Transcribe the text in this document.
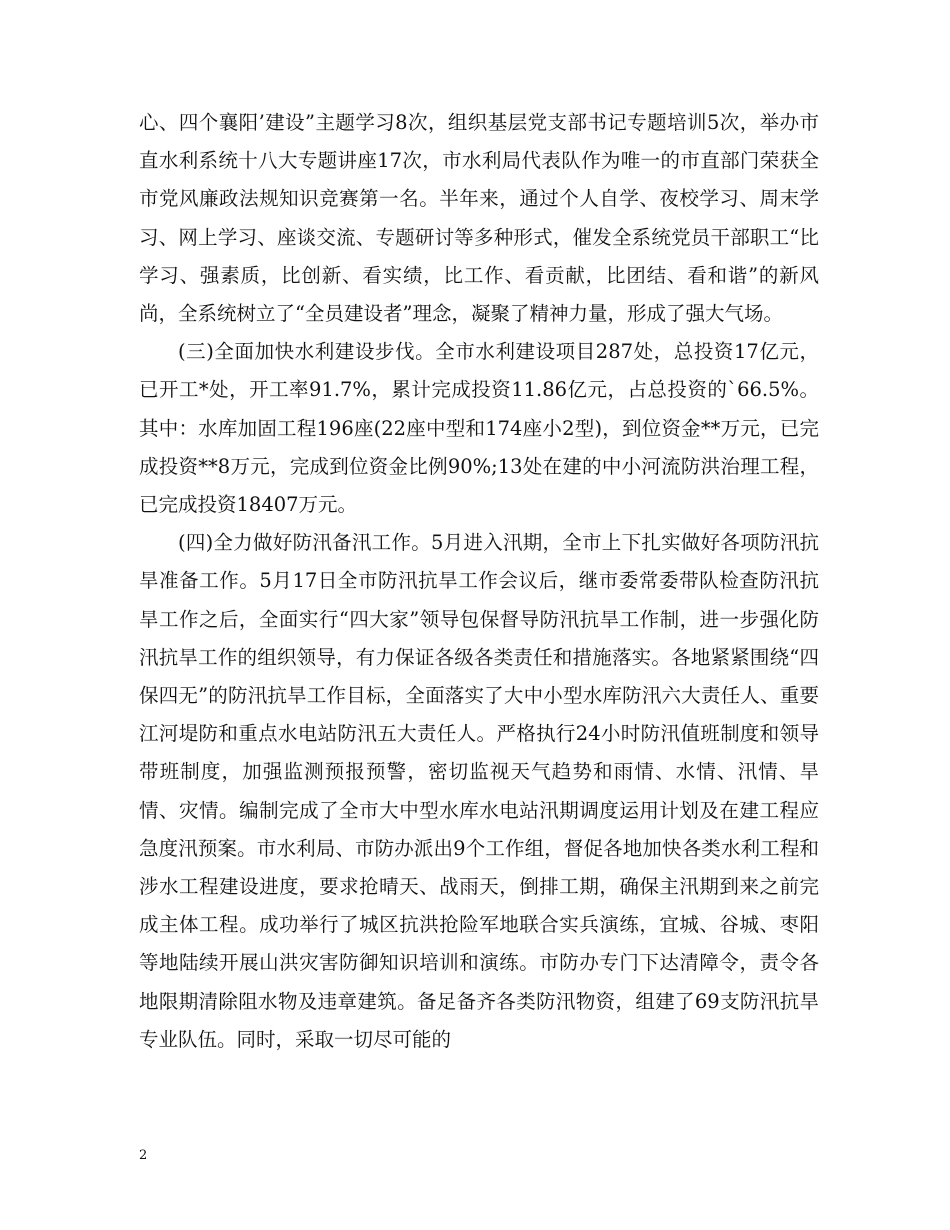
心、四个襄阳’建设”主题学习8次，组织基层党支部书记专题培训5次，举办市直水利系统十八大专题讲座17次，市水利局代表队作为唯一的市直部门荣获全市党风廉政法规知识竞赛第一名。半年来，通过个人自学、夜校学习、周末学习、网上学习、座谈交流、专题研讨等多种形式，催发全系统党员干部职工“比学习、强素质，比创新、看实绩，比工作、看贡献，比团结、看和谐”的新风尚，全系统树立了“全员建设者”理念，凝聚了精神力量，形成了强大气场。

(三)全面加快水利建设步伐。全市水利建设项目287处，总投资17亿元，已开工*处，开工率91.7%，累计完成投资11.86亿元，占总投资的`66.5%。其中：水库加固工程196座(22座中型和174座小2型)，到位资金**万元，已完成投资**8万元，完成到位资金比例90%;13处在建的中小河流防洪治理工程，已完成投资18407万元。

(四)全力做好防汛备汛工作。5月进入汛期，全市上下扎实做好各项防汛抗旱准备工作。5月17日全市防汛抗旱工作会议后，继市委常委带队检查防汛抗旱工作之后，全面实行“四大家”领导包保督导防汛抗旱工作制，进一步强化防汛抗旱工作的组织领导，有力保证各级各类责任和措施落实。各地紧紧围绕“四保四无”的防汛抗旱工作目标，全面落实了大中小型水库防汛六大责任人、重要江河堤防和重点水电站防汛五大责任人。严格执行24小时防汛值班制度和领导带班制度，加强监测预报预警，密切监视天气趋势和雨情、水情、汛情、旱情、灾情。编制完成了全市大中型水库水电站汛期调度运用计划及在建工程应急度汛预案。市水利局、市防办派出9个工作组，督促各地加快各类水利工程和涉水工程建设进度，要求抢晴天、战雨天，倒排工期，确保主汛期到来之前完成主体工程。成功举行了城区抗洪抢险军地联合实兵演练，宜城、谷城、枣阳等地陆续开展山洪灾害防御知识培训和演练。市防办专门下达清障令，责令各地限期清除阻水物及违章建筑。备足备齐各类防汛物资，组建了69支防汛抗旱专业队伍。同时，采取一切尽可能的

2
